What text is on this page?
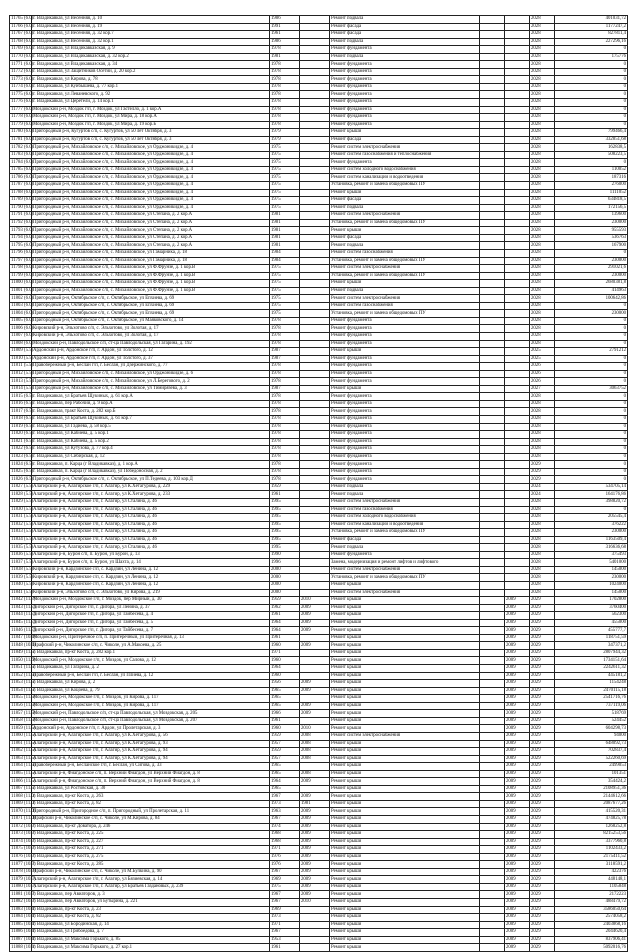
11765 (6.0)	г. Владикавказ, ул Весенняя, д. 10	1986		Ремонт подвала			2028	401031,72
11766 (6.0)	г. Владикавказ, ул Весенняя, д. 19	1991		Ремонт фасада			2028	1177247,2
11767 (6.0)	г. Владикавказ, ул Весенняя, д. 32 кор.7	1961		Ремонт фасада			2028	827811,4
11768 (6.0)	г. Владикавказ, ул Весенняя, д. 32 кор.1	1986		Ремонт подвала			2028	227296,16
11769 (6.0)	г. Владикавказ, ул Владикавказская, д. 9	1978		Ремонт фундамента			2028	0
11770 (6.0)	г. Владикавказ, ул Владикавказская, д. 32 кор.2	1981		Ремонт подвала			2028	175776
11771 (6.0)	г. Владикавказ, ул Владикавказская, д. 34	1978		Ремонт фундамента			2028	0
11772 (6.0)	г. Владикавказ, ул Защитников Осетии, д. 20 кор.2	1978		Ремонт фундамента			2028	0
11773 (6.0)	г. Владикавказ, ул Кирова, д. 78	1978		Ремонт фундамента			2028	0
11774 (6.0)	г. Владикавказ, ул Куйбышева, д. 77 кор.1	1978		Ремонт фундамента			2028	0
11775 (6.0)	г. Владикавказ, ул Леваневского, д. 92	1978		Ремонт фундамента			2028	0
11776 (6.0)	г. Владикавказ, ул Церетели, д. 14 кор.1	1978		Ремонт фундамента			2028	0
11777 (6.0)	Моздокский р-н, Моздок г/п, г. Моздок, ул Гастелло, д. 1 кор.А	1978		Ремонт фундамента			2028	0
11778 (6.0)	Моздокский р-н, Моздок г/п, г. Моздок, ул Мира, д. 18 кор.А	1978		Ремонт фундамента			2028	0
11779 (6.0)	Моздокский р-н, Моздок г/п, г. Моздок, ул Мира, д. 19 кор.Б	1978		Ремонт фундамента			2028	0
11780 (6.0)	Пригородный р-н, Кугуртов с/п, с. Кугуртов, ул 50 лет Октября, д. 3	1979		Ремонт крыши			2028	799466,4
11781 (6.0)	Пригородный р-н, Кугуртов с/п, с. Кугуртов, ул 50 лет Октября, д. 3	1979		Ремонт фасада			2028	332851,68
11782 (6.0)	Пригородный р-н, Михайловское с/п, с. Михайловское, ул Орджоникидзе, д. 4	1975		Ремонт систем электроснабжения			2028	162838,5
11783 (6.0)	Пригородный р-н, Михайловское с/п, с. Михайловское, ул Орджоникидзе, д. 4	1975		Ремонт систем газоснабжения и теплоснабжения			2028	508223,5
11784 (6.0)	Пригородный р-н, Михайловское с/п, с. Михайловское, ул Орджоникидзе, д. 4	1975		Ремонт фундамента			2028	0
11785 (6.0)	Пригородный р-н, Михайловское с/п, с. Михайловское, ул Орджоникидзе, д. 4	1975		Ремонт систем холодного водоснабжения			2028	110052
11786 (6.0)	Пригородный р-н, Михайловское с/п, с. Михайловское, ул Орджоникидзе, д. 4	1975		Ремонт систем канализации и водоотведения			2028	187316
11787 (6.0)	Пригородный р-н, Михайловское с/п, с. Михайловское, ул Орджоникидзе, д. 4	1975		Установка, ремонт и замена общедомовых ПУ			2028	276000
11788 (6.0)	Пригородный р-н, Михайловское с/п, с. Михайловское, ул Орджоникидзе, д. 4	1975		Ремонт крыши			2028	1111052
11789 (6.0)	Пригородный р-н, Михайловское с/п, с. Михайловское, ул Орджоникидзе, д. 4	1975		Ремонт фасада			2028	634818,5
11790 (6.0)	Пригородный р-н, Михайловское с/п, с. Михайловское, ул Орджоникидзе, д. 4	1975		Ремонт подвала			2028	172156,5
11791 (6.0)	Пригородный р-н, Михайловское с/п, с. Михайловское, ул Степана, д. 2 кор.А	1981		Ремонт систем электроснабжения			2028	139600
11792 (6.0)	Пригородный р-н, Михайловское с/п, с. Михайловское, ул Степана, д. 2 кор.А	1981		Установка, ремонт и замена общедомовых ПУ			2028	230000
11793 (6.0)	Пригородный р-н, Михайловское с/п, с. Михайловское, ул Степана, д. 2 кор.А	1981		Ремонт крыши			2028	955593
11794 (6.0)	Пригородный р-н, Михайловское с/п, с. Михайловское, ул Степана, д. 2 кор.А	1981		Ремонт фасада			2028	536763
11795 (6.0)	Пригородный р-н, Михайловское с/п, с. Михайловское, ул Степана, д. 2 кор.А	1981		Ремонт подвала			2028	167900
11796 (6.0)	Пригородный р-н, Михайловское с/п, с. Михайловское, ул Гамарника, д. 18	1984		Ремонт систем газоснабжения			2028	0
11797 (6.0)	Пригородный р-н, Михайловское с/п, с. Михайловское, ул Гамарника, д. 18	1984		Установка, ремонт и замена общедомовых ПУ			2028	230000
11798 (6.0)	Пригородный р-н, Михайловское с/п, с. Михайловское, ул Ф.Фрунзе, д. 1 кор.В	1975		Ремонт систем электроснабжения			2028	291021,6
11799 (6.0)	Пригородный р-н, Михайловское с/п, с. Михайловское, ул Ф.Фрунзе, д. 1 кор.В	1975		Установка, ремонт и замена общедомовых ПУ			2028	230000
11800 (6.0)	Пригородный р-н, Михайловское с/п, с. Михайловское, ул Ф.Фрунзе, д. 1 кор.В	1975		Ремонт крыши			2028	2680381,8
11801 (6.0)	Пригородный р-н, Михайловское с/п, с. Михайловское, ул Ф.Фрунзе, д. 1 кор.В	1975		Ремонт подвала			2028	414963
11802 (6.0)	Пригородный р-н, Октябрьское с/п, с. Октябрьское, ул Епхиева, д. 69	1975		Ремонт систем электроснабжения			2028	100642,86
11803 (6.0)	Пригородный р-н, Октябрьское с/п, с. Октябрьское, ул Епхиева, д. 69	1975		Ремонт систем газоснабжения			2028	0
11804 (6.0)	Пригородный р-н, Октябрьское с/п, с. Октябрьское, ул Епхиева, д. 69	1975		Установка, ремонт и замена общедомовых ПУ			2028	230000
11805 (6.0)	Пригородный р-н, Октябрьское с/п, с. Октябрьское, ул Маяковского, д. 14	1978		Ремонт фундамента			2028	0
11806 (6.0)	Кировский р-н, Эльхотово с/п, с. Эльхотово, ул Золотая, д. 17	1978		Ремонт фундамента			2028	0
11807 (6.0)	Кировский р-н, Эльхотово с/п, с. Эльхотово, ул Золотая, д. 17	1978		Ремонт фундамента			2028	0
11808 (6.0)	Моздокский р-н, Павлодольское с/п, ст-ца Павлодольская, ул Гагарина, д. 192	1978		Ремонт фундамента			2028	0
11809 (5.5)	Ардонский р-н, Ардонское г/п, г. Ардон, ул Толстого, д. 12	1987		Ремонт крыши			2025	2791212
11810 (5.5)	Ардонский р-н, Ардонское г/п, г. Ардон, ул Толстого, д. 37	1987		Ремонт фундамента			2025	0
11811 (5.5)	Правобережный р-н, Беслан г/п, г. Беслан, ул Дзержинского, д. 77	1978		Ремонт фундамента			2026	0
11812 (5.5)	Пригородный р-н, Михайловское с/п, с. Михайловское, ул Орджоникидзе, д. 6	1978		Ремонт фундамента			2026	0
11813 (5.5)	Пригородный р-н, Михайловское с/п, с. Михайловское, ул Л.Берегового, д. 2	1978		Ремонт фундамента			2026	0
11814 (5.5)	Пригородный р-н, Михайловское с/п, с. Михайловское, ул Тимирязева, д. 3	1987		Ремонт крыши			2027	3063752
11815 (6.5)	г. Владикавказ, ул Братьев Щукиных, д. 61 кор.А	1978		Ремонт фундамента			2028	0
11816 (6.5)	г. Владикавказ, пер Рабочий, д. 9 кор.А	1978		Ремонт фундамента			2028	0
11817 (6.5)	г. Владикавказ, тракт Коста, д. 282 кор.Б	1978		Ремонт фундамента			2028	0
11818 (6.5)	г. Владикавказ, ул Братьев Щукиных, д. 61 кор.7	1978		Ремонт фундамента			2028	0
11819 (6.5)	г. Владикавказ, ул Гадиева, д. 58 кор.5	1978		Ремонт фундамента			2028	0
11820 (6.5)	г. Владикавказ, ул Кабиева, д. 5 кор.1	1978		Ремонт фундамента			2028	0
11821 (6.5)	г. Владикавказ, ул Кабиева, д. 5 кор.2	1978		Ремонт фундамента			2028	0
11822 (6.5)	г. Владикавказ, ул Кутузова, д. 77 кор.4	1978		Ремонт фундамента			2028	0
11823 (6.5)	г. Владикавказ, ул Сибирская, д. 12	1978		Ремонт фундамента			2028	0
11824 (6.5)	г. Владикавказ, п. Карца (г Владикавказ), д. 1 кор.А	1978		Ремонт фундамента			2029	0
11825 (6.5)	г. Владикавказ, п. Карца (г Владикавказ), ул Победоносная, д. 2	1978		Ремонт фундамента			2029	0
11826 (6.5)	Пригородный р-н, Октябрьское с/п, с. Октябрьское, ул П.Тедеева, д. 103 кор.Д	1978		Ремонт фундамента			2029	0
11827 (5.5)	Алагирский р-н, Алагирское г/п, г. Алагир, ул К.Хетагурова, д. 229	1959		Ремонт подвала			2024	534705,14
11828 (5.5)	Алагирский р-н, Алагирское г/п, г. Алагир, ул К.Хетагурова, д. 233	1961		Ремонт подвала			2024	164176,86
11829 (5.5)	Алагирский р-н, Алагирское г/п, г. Алагир, ул Сталина, д. 46	1995		Ремонт систем электроснабжения			2028	398820,72
11830 (5.5)	Алагирский р-н, Алагирское г/п, г. Алагир, ул Сталина, д. 46	1995		Ремонт систем газоснабжения			2028	0
11831 (5.5)	Алагирский р-н, Алагирское г/п, г. Алагир, ул Сталина, д. 46	1995		Ремонт систем холодного водоснабжения			2028	205545,4
11832 (5.5)	Алагирский р-н, Алагирское г/п, г. Алагир, ул Сталина, д. 46	1995		Ремонт систем канализации и водоотведения			2028	376222
11833 (5.5)	Алагирский р-н, Алагирское г/п, г. Алагир, ул Сталина, д. 46	1995		Установка, ремонт и замена общедомовых ПУ			2028	230000
11834 (5.5)	Алагирский р-н, Алагирское г/п, г. Алагир, ул Сталина, д. 46	1995		Ремонт фасада			2028	1163509,4
11835 (5.5)	Алагирский р-н, Алагирское г/п, г. Алагир, ул Сталина, д. 46	1995		Ремонт подвала			2028	316636,68
11836 (5.5)	Алагирский р-н, Бурон с/п, п. Бурон, ул Бурон, д. 13	1990		Ремонт фундамента			2028	375493
11837 (5.5)	Алагирский р-н, Бурон с/п, п. Бурон, ул Шахта, д. 14	1996		Замена, модернизация и ремонт лифтов и лифтового			2028	5401000
11838 (5.5)	Кировский р-н, Кардзинское с/п, с. Кардзин, ул Ленина, д. 12	2000		Ремонт систем электроснабжения			2028	145000
11839 (5.5)	Кировский р-н, Кардзинское с/п, с. Кардзин, ул Ленина, д. 12	2000		Установка, ремонт и замена общедомовых ПУ			2028	230000
11840 (5.5)	Кировский р-н, Кардзинское с/п, с. Кардзин, ул Ленина, д. 12	2000		Ремонт крыши			2028	1024000
11841 (5.5)	Кировский р-н, Эльхотово с/п, с. Эльхотово, ул Кирова, д. 219	2000		Ремонт систем электроснабжения			2028	145000
11842 (11.7)	Моздокский р-н, Моздокское г/п, г. Моздок, пер Мирный, д. 30	1959	2010	Ремонт крыши		2009	2029	1702800
11843 (11.7)	Дигорский р-н, Дигорское г/п, г. Дигора, ул Ленина, д. 37	1962	2009	Ремонт крыши		2009	2029	3760400
11844 (11.7)	Дигорский р-н, Дигорское г/п, г. Дигора, ул Тайбесева, д. 4	1961	2009	Ремонт крыши		2009	2029	562300
11845 (11.7)	Дигорский р-н, Дигорское г/п, г. Дигора, ул Тайбесева, д. 5	1964	2009	Ремонт крыши		2009	2029	455000
11846 (11.7)	Дигорский р-н, Дигорское г/п, г. Дигора, ул Тайбесева, д. 7	1964	2009	Ремонт крыши		2009	2029	455777,7
11847 (10.0)	Моздокский р-н, Притеречное с/п, п. Притеречный, ул Притеречная, д. 13	1961		Ремонт крыши		2009	2029	118751,59
11848 (10.0)	Ирафский р-н, Чиколинское с/п, с. Чиколе, ул А.Макоева, д. 25	1960	2009	Ремонт крыши		2009	2029	347371,2
11849 (11.5)	г. Владикавказ, пр-кт Коста, д. 282 кор.1	1971		Ремонт крыши		2009	2029	2807944,32
11850 (11.6)	Моздокский р-н, Моздокское г/п, г. Моздок, ул Салова, д. 12	1960		Ремонт крыши		2009	2029	1734151,64
11851 (11.5)	г. Владикавказ, ул Гагарина, д. 2	1964		Ремонт крыши		2009	2029	2242611,32
11852 (11.5)	Правобережный р-н, Беслан г/п, г. Беслан, ул Плиева, д. 12	1960		Ремонт крыши		2009	2029	445181,2
11853 (11.5)	г. Владикавказ, ул Кирова, д. 2	1956	2009	Ремонт крыши		2009	2029	1154248
11854 (11.5)	г. Владикавказ, ул Коцоева, д. 79	1965	2009	Ремонт крыши		2009	2029	2470115,18
11855 (11.5)	Моздокский р-н, Моздокское г/п, г. Моздок, ул Кирова, д. 117	1965		Ремонт крыши		2009	2029	2541716,76
11856 (11.5)	Моздокский р-н, Моздокское г/п, г. Моздок, ул Кирова, д. 117	1965	2009	Ремонт крыши		2009	2029	737119,06
11857 (11.5)	Моздокский р-н, Павлодольское с/п, ст-ца Павлодольская, ул Моздокская, д. 205	1966	2009	Ремонт крыши		2009	2029	518769
11858 (11.5)	Моздокский р-н, Павлодольское с/п, ст-ца Павлодольская, ул Моздокская, д. 207	1961		Ремонт крыши		2009	2029	524452
11859 (11.5)	Ардонский р-н, Ардонское г/п, г. Ардон, ул Пролетарская, д. 3	1960	2010	Ремонт крыши		2009	2029	604298,73
11860 (11.5)	Алагирский р-н, Алагирское г/п, г. Алагир, ул К.Хетагурова, д. 56	1959	2008	Ремонт систем электроснабжения		2009	2029	94000
11861 (11.5)	Алагирский р-н, Алагирское г/п, г. Алагир, ул К.Хетагурова, д. 93	1957	2008	Ремонт крыши		2009	2029	648092,73
11862 (11.5)	Алагирский р-н, Алагирское г/п, г. Алагир, ул К.Хетагурова, д. 94	1959	2008	Ремонт крыши		2009	2029	702837,4
11863 (11.5)	Алагирский р-н, Алагирское г/п, г. Алагир, ул К.Хетагурова, д. 94	1957	2008	Ремонт крыши		2009	2029	522260,69
11864 (11.5)	Правобережный р-н, Бесланское г/п, г. Беслан, ул Сигова, д. 33	1965		Ремонт крыши		2009	2029	2499053
11865 (11.5)	Алагирский р-н, Фиагдонское с/п, п. Верхний Фиагдон, ул Верхний Фиагдон, д. 8	1965	2008	Ремонт крыши		2009	2029	101351
11866 (11.5)	Алагирский р-н, Фиагдонское с/п, п. Верхний Фиагдон, ул Верхний Фиагдон, д. 8	1964	2009	Ремонт крыши		2009	2029	354424,2
11867 (11.5)	г. Владикавказ, ул Ростовская, д. 30	1965		Ремонт крыши		2009	2029	2108951,36
11868 (11.0)	г. Владикавказ, пр-кт Коста, д. 263	1967	2009	Ремонт крыши		2009	2029	2144612,66
11869 (11.0)	г. Владикавказ, пр-кт Коста, д. 82	1973	1981	Ремонт крыши		2009	2029	2087677,26
11870 (11.0)	Пригородный р-н, Пригородное с/п, п. Пригородный, ул Пролетарская, д. 11	1963	2009	Ремонт крыши		2009	2029	415520,31
11871 (11.0)	Ирафский р-н, Чиколинское с/п, с. Чиколе, ул М.Кирова, д. 84	1967	2009	Ремонт крыши		2009	2029	474825,78
11872 (10.7)	г. Владикавказ, пр-кт Доватора, д. 246	1974	2009	Ремонт крыши		2009	2029	1268252,8
11873 (10.7)	г. Владикавказ, пр-кт Коста, д. 225	1968	2009	Ремонт крыши		2009	2029	8215253,56
11874 (10.7)	г. Владикавказ, пр-кт Коста, д. 227	1968	2009	Ремонт крыши		2009	2029	3377960,8
11875 (10.7)	г. Владикавказ, пр-кт Коста, д. 271	1971	2009	Ремонт крыши		2009	2029	1102433,2
11876 (10.7)	г. Владикавказ, пр-кт Коста, д. 275	1976	2009	Ремонт крыши		2009	2029	2175411,52
11877 (10.7)	г. Владикавказ, пр-кт Коста, д. 285	1976	2009	Ремонт крыши		2009	2029	3118591,2
11878 (10.7)	Ирафский р-н, Чиколинское с/п, с. Чиколе, ул М.Булкина, д. 90	1967	2009	Ремонт крыши		2009	2029	422376
11879 (10.7)	Алагирский р-н, Алагирское г/п, г. Алагир, ул Бязиевская, д. 14	1969	2009	Ремонт крыши		2009	2029	448148,1
11880 (10.7)	Алагирский р-н, Алагирское г/п, г. Алагир, ул Братьев Газдановых, д. 239	1975	2009	Ремонт крыши		2009	2029	1105848
11881 (10.7)	г. Владикавказ, пер Авиаторов, д. 3	1967	2009	Ремонт крыши		2009	2029	2172223
11882 (10.7)	г. Владикавказ, пер Авиаторов, ул Бутырина, д. 221	1967	2010	Ремонт крыши		2009	2029	488479,72
11883 (10.0)	г. Владикавказ, пр-кт Коста, д. 23	1969		Ремонт крыши		2009	2029	3586050,64
11884 (10.0)	г. Владикавказ, пр-кт Коста, д. 82	1973		Ремонт крыши		2009	2029	2574058,2
11885 (10.0)	г. Владикавказ, ул Бородинская, д. 14	1971		Ремонт крыши		2009	2029	2403868,16
11886 (10.0)	г. Владикавказ, ул Грибоедова, д. 7	1967		Ремонт крыши		2009	2029	2044620,4
11887 (10.0)	г. Владикавказ, ул Максима Горького, д. 85	1953		Ремонт крыши		2009	2029	837906,41
11888 (10.0)	г. Владикавказ, ул Максима Горького, д. 27 кор.1	1961		Ремонт крыши		2009	2029	5092016,76
